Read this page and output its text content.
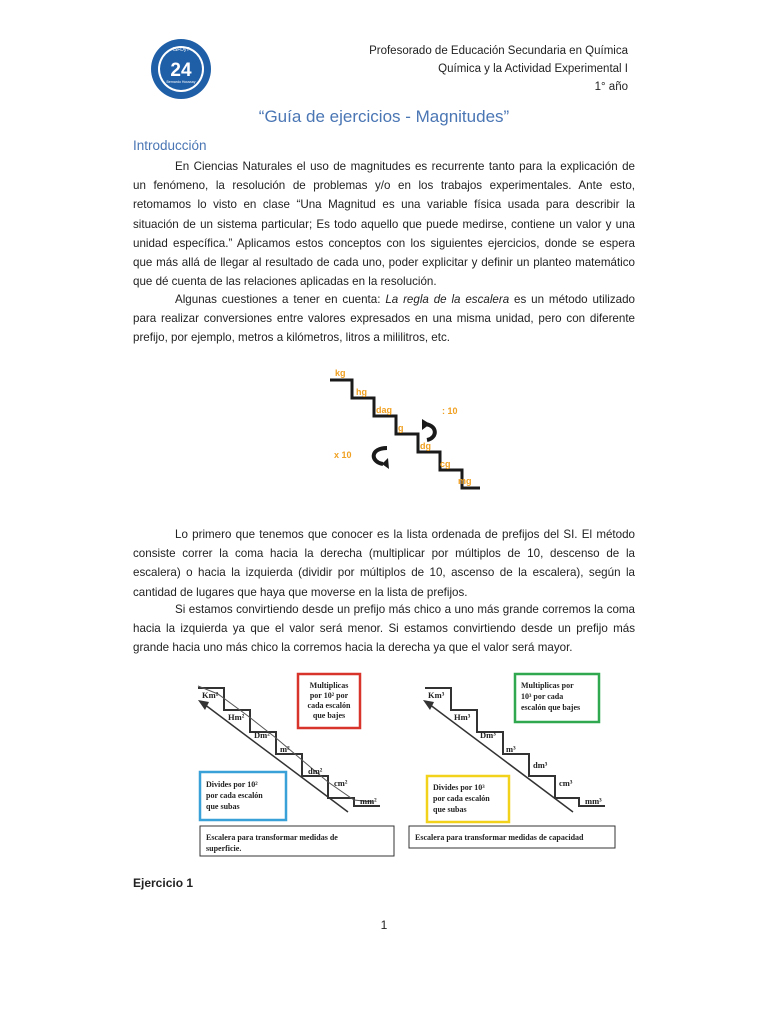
ISFDyT
24
Bernardo Houssay
Profesorado de Educación Secundaria en Química
Química y la Actividad Experimental I
1° año
“Guía de ejercicios - Magnitudes”
Introducción
En Ciencias Naturales el uso de magnitudes es recurrente tanto para la explicación de un fenómeno, la resolución de problemas y/o en los trabajos experimentales. Ante esto, retomamos lo visto en clase “Una Magnitud es una variable física usada para describir la situación de un sistema particular; Es todo aquello que puede medirse, contiene un valor y una unidad específica.” Aplicamos estos conceptos con los siguientes ejercicios, donde se espera que más allá de llegar al resultado de cada uno, poder explicitar y definir un planteo matemático que dé cuenta de las relaciones aplicadas en la resolución.
Algunas cuestiones a tener en cuenta: La regla de la escalera es un método utilizado para realizar conversiones entre valores expresados en una misma unidad, pero con diferente prefijo, por ejemplo, metros a kilómetros, litros a mililitros, etc.
kg
hg
dag
g
dg
cg
mg
: 10
x 10
Lo primero que tenemos que conocer es la lista ordenada de prefijos del SI. El método consiste correr la coma hacia la derecha (multiplicar por múltiplos de 10, descenso de la escalera) o hacia la izquierda (dividir por múltiplos de 10, ascenso de la escalera), según la cantidad de lugares que haya que moverse en la lista de prefijos.
Si estamos convirtiendo desde un prefijo más chico a uno más grande corremos la coma hacia la izquierda ya que el valor será menor. Si estamos convirtiendo desde un prefijo más grande hacia uno más chico la corremos hacia la derecha ya que el valor será mayor.
Km²
Hm²
Dm²
m²
dm²
cm²
mm²
Multiplicas
por 10² por
cada escalón
que bajes
Divides por 10²
por cada escalón
que subas
Escalera para transformar medidas de
superficie.
Km³
Hm³
Dm³
m³
dm³
cm³
mm³
Multiplicas por
10³ por cada
escalón que bajes
Divides por 10³
por cada escalón
que subas
Escalera para transformar medidas de capacidad
Ejercicio 1
1
